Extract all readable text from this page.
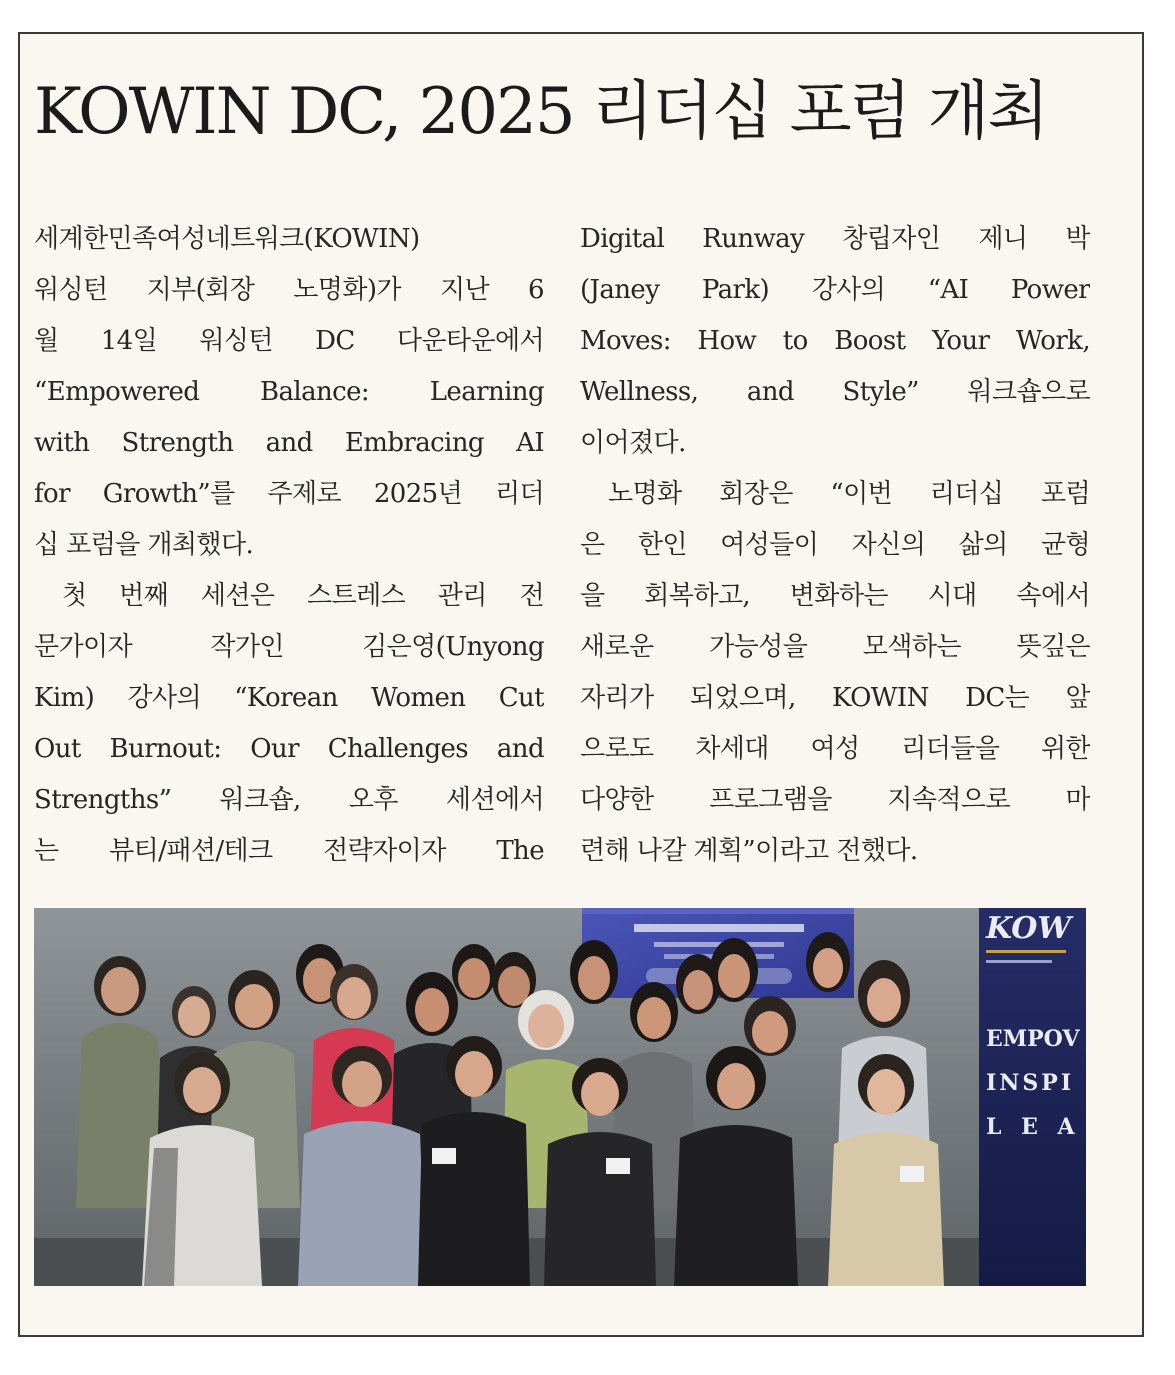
KOWIN DC, 2025 리더십 포럼 개최
세계한민족여성네트워크(KOWIN)
워싱턴 지부(회장 노명화)가 지난 6
월 14일 워싱턴 DC 다운타운에서
“Empowered Balance: Learning
with Strength and Embracing AI
for Growth”를 주제로 2025년 리더
십 포럼을 개최했다.
첫 번째 세션은 스트레스 관리 전
문가이자 작가인 김은영(Unyong
Kim) 강사의 “Korean Women Cut
Out Burnout: Our Challenges and
Strengths” 워크숍, 오후 세션에서
는 뷰티/패션/테크 전략자이자 The
Digital Runway 창립자인 제니 박
(Janey Park) 강사의 “AI Power
Moves: How to Boost Your Work,
Wellness, and Style” 워크숍으로
이어졌다.
노명화 회장은 “이번 리더십 포럼
은 한인 여성들이 자신의 삶의 균형
을 회복하고, 변화하는 시대 속에서
새로운 가능성을 모색하는 뜻깊은
자리가 되었으며, KOWIN DC는 앞
으로도 차세대 여성 리더들을 위한
다양한 프로그램을 지속적으로 마
련해 나갈 계획”이라고 전했다.
KOW
EMPOV
INSPI
L E A
